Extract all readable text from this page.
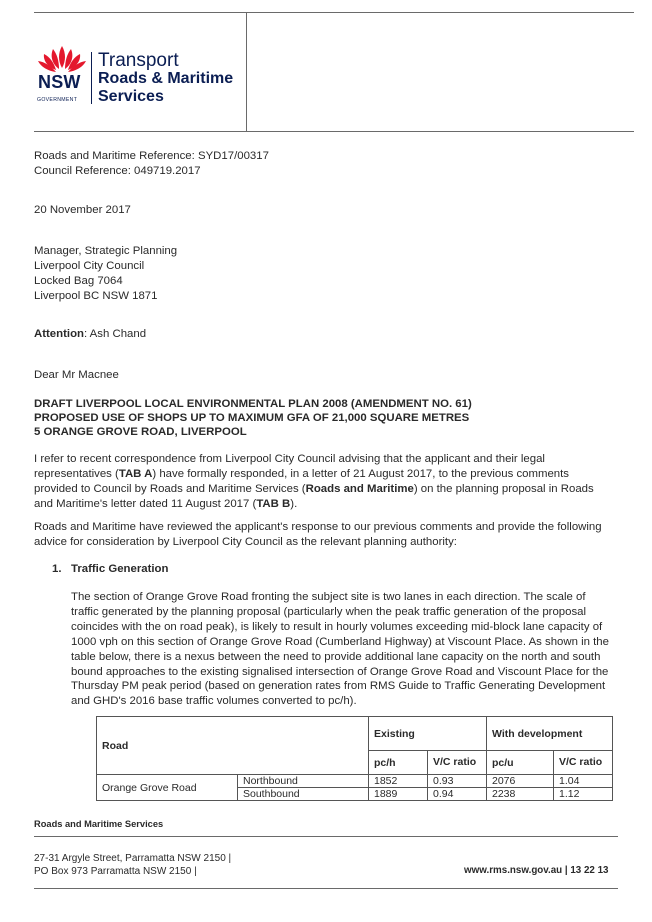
NSW
GOVERNMENT
Transport
Roads & Maritime
Services
Roads and Maritime Reference: SYD17/00317
Council Reference: 049719.2017
20 November 2017
Manager, Strategic Planning
Liverpool City Council
Locked Bag 7064
Liverpool BC NSW 1871
Attention: Ash Chand
Dear Mr Macnee
DRAFT LIVERPOOL LOCAL ENVIRONMENTAL PLAN 2008 (AMENDMENT NO. 61)
PROPOSED USE OF SHOPS UP TO MAXIMUM GFA OF 21,000 SQUARE METRES
5 ORANGE GROVE ROAD, LIVERPOOL
I refer to recent correspondence from Liverpool City Council advising that the applicant and their legal representatives (TAB A) have formally responded, in a letter of 21 August 2017, to the previous comments provided to Council by Roads and Maritime Services (Roads and Maritime) on the planning proposal in Roads and Maritime's letter dated 11 August 2017 (TAB B).
Roads and Maritime have reviewed the applicant's response to our previous comments and provide the following advice for consideration by Liverpool City Council as the relevant planning authority:
1. Traffic Generation
The section of Orange Grove Road fronting the subject site is two lanes in each direction. The scale of traffic generated by the planning proposal (particularly when the peak traffic generation of the proposal coincides with the on road peak), is likely to result in hourly volumes exceeding mid-block lane capacity of 1000 vph on this section of Orange Grove Road (Cumberland Highway) at Viscount Place. As shown in the table below, there is a nexus between the need to provide additional lane capacity on the north and south bound approaches to the existing signalised intersection of Orange Grove Road and Viscount Place for the Thursday PM peak period (based on generation rates from RMS Guide to Traffic Generating Development and GHD's 2016 base traffic volumes converted to pc/h).
Road		Existing		With development	
		pc/h	V/C ratio	pc/u	V/C ratio
Orange Grove Road	Northbound	1852	0.93	2076	1.04
	Southbound	1889	0.94	2238	1.12
Roads and Maritime Services
27-31 Argyle Street, Parramatta NSW 2150 |
PO Box 973 Parramatta NSW 2150 |	www.rms.nsw.gov.au | 13 22 13
